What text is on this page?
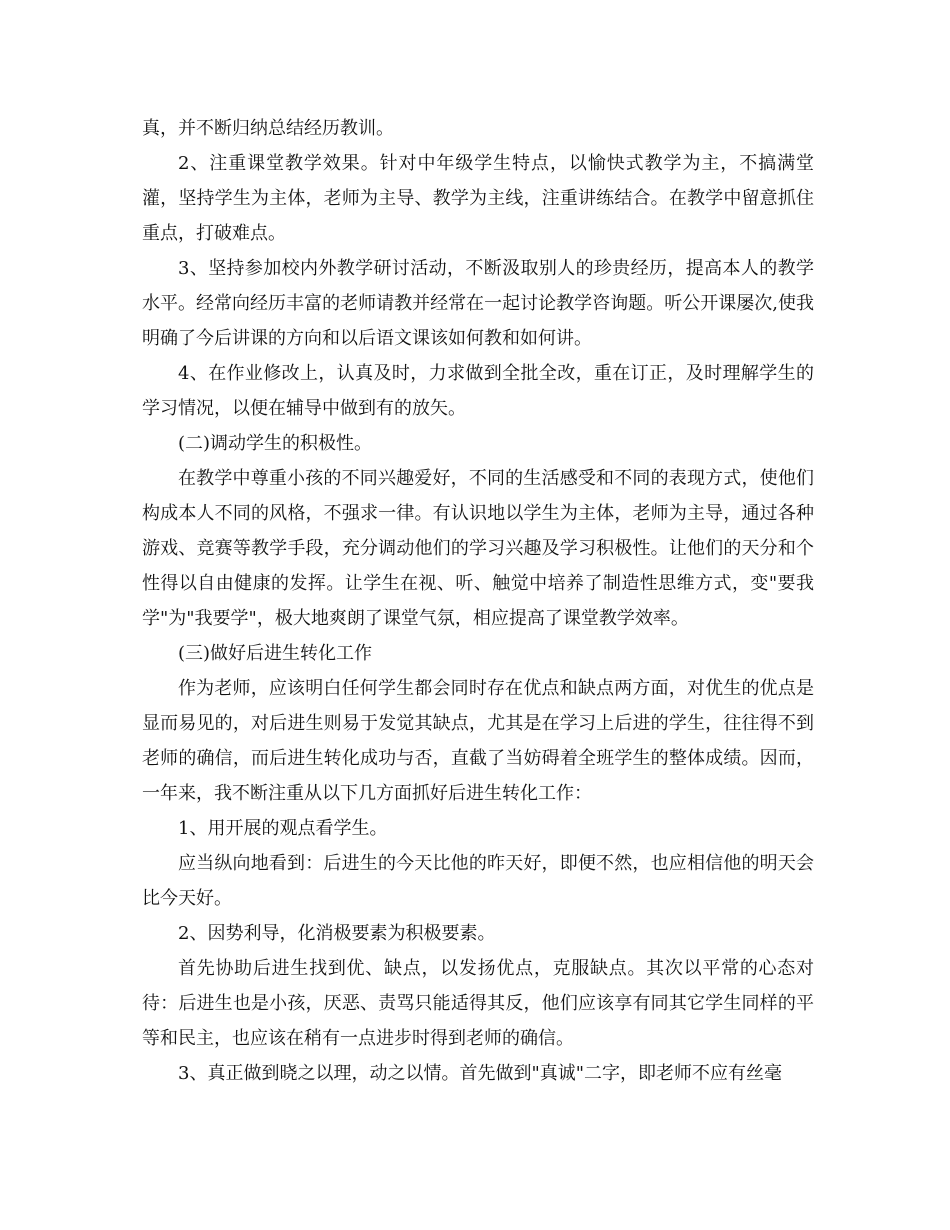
真，并不断归纳总结经历教训。

2、注重课堂教学效果。针对中年级学生特点，以愉快式教学为主，不搞满堂灌，坚持学生为主体，老师为主导、教学为主线，注重讲练结合。在教学中留意抓住重点，打破难点。

3、坚持参加校内外教学研讨活动，不断汲取别人的珍贵经历，提高本人的教学水平。经常向经历丰富的老师请教并经常在一起讨论教学咨询题。听公开课屡次,使我明确了今后讲课的方向和以后语文课该如何教和如何讲。

4、在作业修改上，认真及时，力求做到全批全改，重在订正，及时理解学生的学习情况，以便在辅导中做到有的放矢。

(二)调动学生的积极性。

在教学中尊重小孩的不同兴趣爱好，不同的生活感受和不同的表现方式，使他们构成本人不同的风格，不强求一律。有认识地以学生为主体，老师为主导，通过各种游戏、竞赛等教学手段，充分调动他们的学习兴趣及学习积极性。让他们的天分和个性得以自由健康的发挥。让学生在视、听、触觉中培养了制造性思维方式，变"要我学"为"我要学"，极大地爽朗了课堂气氛，相应提高了课堂教学效率。

(三)做好后进生转化工作

作为老师，应该明白任何学生都会同时存在优点和缺点两方面，对优生的优点是显而易见的，对后进生则易于发觉其缺点，尤其是在学习上后进的学生，往往得不到老师的确信，而后进生转化成功与否，直截了当妨碍着全班学生的整体成绩。因而，一年来，我不断注重从以下几方面抓好后进生转化工作：

1、用开展的观点看学生。

应当纵向地看到：后进生的今天比他的昨天好，即便不然，也应相信他的明天会比今天好。

2、因势利导，化消极要素为积极要素。

首先协助后进生找到优、缺点，以发扬优点，克服缺点。其次以平常的心态对待：后进生也是小孩，厌恶、责骂只能适得其反，他们应该享有同其它学生同样的平等和民主，也应该在稍有一点进步时得到老师的确信。

3、真正做到晓之以理，动之以情。首先做到"真诚"二字，即老师不应有丝毫
